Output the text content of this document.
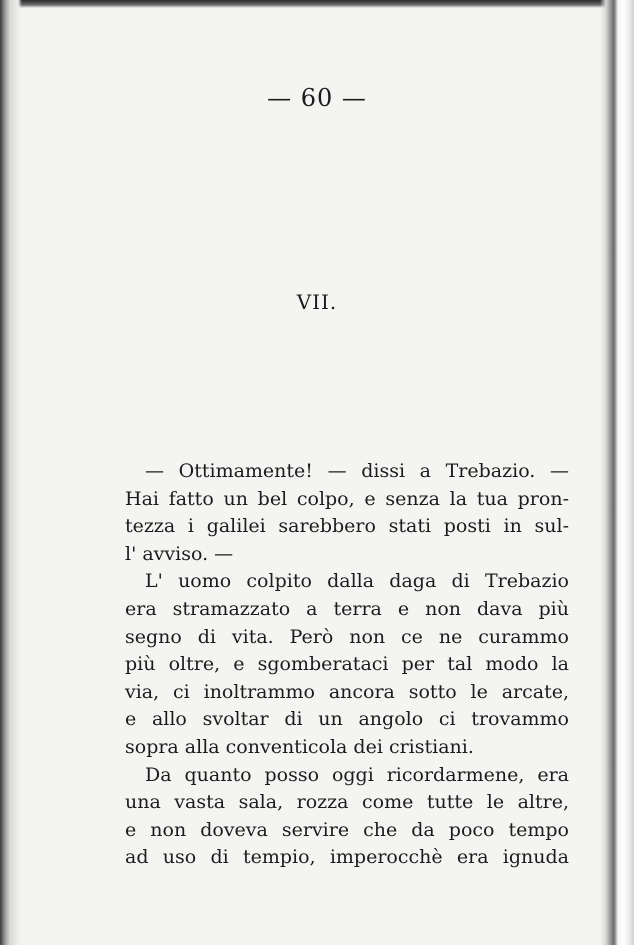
— 60 —
VII.
— Ottimamente! — dissi a Trebazio. —
Hai fatto un bel colpo, e senza la tua pron-
tezza i galilei sarebbero stati posti in sul-
l' avviso. —
L' uomo colpito dalla daga di Trebazio
era stramazzato a terra e non dava più
segno di vita. Però non ce ne curammo
più oltre, e sgomberataci per tal modo la
via, ci inoltrammo ancora sotto le arcate,
e allo svoltar di un angolo ci trovammo
sopra alla conventicola dei cristiani.
Da quanto posso oggi ricordarmene, era
una vasta sala, rozza come tutte le altre,
e non doveva servire che da poco tempo
ad uso di tempio, imperocchè era ignuda
